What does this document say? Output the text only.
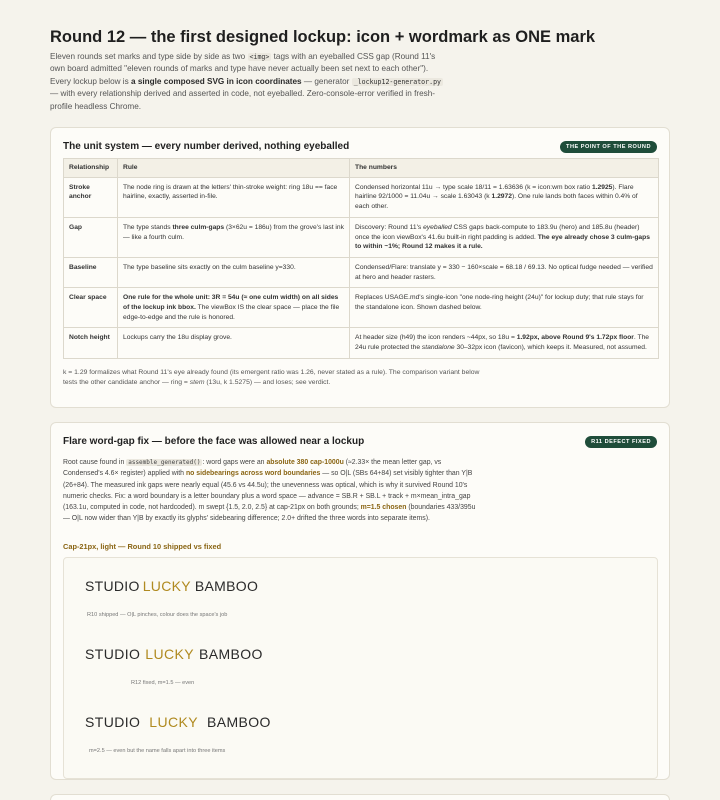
Round 12 — the first designed lockup: icon + wordmark as ONE mark
Eleven rounds set marks and type side by side as two <img> tags with an eyeballed CSS gap (Round 11's own board admitted "eleven rounds of marks and type have never actually been set next to each other"). Every lockup below is a single composed SVG in icon coordinates — generator _lockup12-generator.py — with every relationship derived and asserted in code, not eyeballed. Zero-console-error verified in fresh-profile headless Chrome.
The unit system — every number derived, nothing eyeballed	THE POINT OF THE ROUND
Relationship	Rule	The numbers
Stroke anchor	The node ring is drawn at the letters' thin-stroke weight: ring 18u == face hairline, exactly, asserted in-file.	Condensed horizontal 11u → type scale 18/11 = 1.63636 (k = icon:wm box ratio 1.2925). Flare hairline 92/1000 = 11.04u → scale 1.63043 (k 1.2972). One rule lands both faces within 0.4% of each other.
Gap	The type stands three culm-gaps (3×62u = 186u) from the grove's last ink — like a fourth culm.	Discovery: Round 11's eyeballed CSS gaps back-compute to 183.9u (hero) and 185.8u (header) once the icon viewBox's 41.6u built-in right padding is added. The eye already chose 3 culm-gaps to within ~1%; Round 12 makes it a rule.
Baseline	The type baseline sits exactly on the culm baseline y=330.	Condensed/Flare: translate y = 330 − 160×scale = 68.18 / 69.13. No optical fudge needed — verified at hero and header rasters.
Clear space	One rule for the whole unit: 3R = 54u (≈ one culm width) on all sides of the lockup ink bbox. The viewBox IS the clear space — place the file edge-to-edge and the rule is honored.	Replaces USAGE.md's single-icon "one node-ring height (24u)" for lockup duty; that rule stays for the standalone icon. Shown dashed below.
Notch height	Lockups carry the 18u display grove.	At header size (h49) the icon renders ~44px, so 18u = 1.92px, above Round 9's 1.72px floor. The 24u rule protected the standalone 30–32px icon (favicon), which keeps it. Measured, not assumed.
k = 1.29 formalizes what Round 11's eye already found (its emergent ratio was 1.26, never stated as a rule). The comparison variant below tests the other candidate anchor — ring = stem (13u, k 1.5275) — and loses; see verdict.
Flare word-gap fix — before the face was allowed near a lockup	R11 DEFECT FIXED
Root cause found in assemble_generated() : word gaps were an absolute 380 cap-1000u (≈2.33× the mean letter gap, vs Condensed's 4.6× register) applied with no sidebearings across word boundaries — so O|L (SBs 64+84) set visibly tighter than Y|B (26+84). The measured ink gaps were nearly equal (45.6 vs 44.5u); the unevenness was optical, which is why it survived Round 10's numeric checks. Fix: a word boundary is a letter boundary plus a word space — advance = SB.R + SB.L + track + m×mean_intra_gap (163.1u, computed in code, not hardcoded). m swept {1.5, 2.0, 2.5} at cap-21px on both grounds; m=1.5 chosen (boundaries 433/395u — O|L now wider than Y|B by exactly its glyphs' sidebearing difference; 2.0+ drifted the three words into separate items).
Cap-21px, light — Round 10 shipped vs fixed
STUDIO LUCKY BAMBOO
R10 shipped — O|L pinches, colour does the space's job
STUDIO LUCKY BAMBOO
R12 fixed, m=1.5 — even
STUDIO LUCKY BAMBOO
m=2.5 — even but the name falls apart into three items
